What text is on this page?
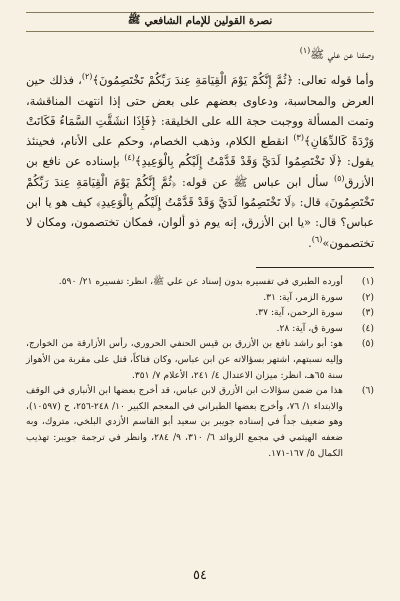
نصرة القولين للإمام الشافعي
ﷺ

وصفنا عن علي ﷺ$^{(١)}$

وأما قوله تعالى: ﴿ثُمَّ إِنَّكُمْ يَوْمَ الْقِيَامَةِ عِندَ رَبِّكُمْ تَخْتَصِمُونَ﴾$^{(٢)}$، فذلك حين العرض والمحاسبة، ودعاوى بعضهم على بعض حتى إذا انتهت المناقشة، وتمت المسألة ووجبت حجة الله على الخليقة: ﴿فَإِذَا انشَقَّتِ السَّمَاءُ فَكَانَتْ وَرْدَةً كَالدِّهَانِ﴾$^{(٣)}$ انقطع الكلام، وذهب الخصام، وحكم على الأنام، فحينئذ يقول: ﴿لَا تَخْتَصِمُوا لَدَيَّ وَقَدْ قَدَّمْتُ إِلَيْكُم بِالْوَعِيدِ﴾$^{(٤)}$ بإسناده عن نافع بن الأزرق$^{(٥)}$ سأل ابن عباس ﷺ عن قوله: ﴿ثُمَّ إِنَّكُمْ يَوْمَ الْقِيَامَةِ عِندَ رَبِّكُمْ تَخْتَصِمُونَ﴾ قال: ﴿لَا تَخْتَصِمُوا لَدَيَّ وَقَدْ قَدَّمْتُ إِلَيْكُم بِالْوَعِيدِ﴾ كيف هو يا ابن عباس؟ قال: «يا ابن الأزرق، إنه يوم ذو ألوان، فمكان تختصمون، ومكان لا تختصمون»$^{(٦)}$.

(١)
أورده الطبري في تفسيره بدون إسناد عن علي ﷺ، انظر: تفسيره ٢١/ ٥٩٠.
(٢)
سورة الزمر، آية: ٣١.
(٣)
سورة الرحمن، آية: ٣٧.
(٤)
سورة ق، آية: ٢٨.
(٥)
هو: أبو راشد نافع بن الأزرق بن قيس الحنفي الحروري، رأس الأزارقة من الخوارج، وإليه نسبتهم، اشتهر بسؤالاته عن ابن عباس، وكان فتاكاً، قتل على مقربة من الأهواز سنة ٦٥هـ، انظر: ميزان الاعتدال ٤/ ٢٤١، الأعلام ٧/ ٣٥١.
(٦)
هذا من ضمن سؤالات ابن الأزرق لابن عباس، قد أخرج بعضها ابن الأنباري في الوقف والابتداء ١/ ٧٦، وأخرج بعضها الطبراني في المعجم الكبير ١٠/ ٢٤٨-٢٥٦، ح (١٠٥٩٧)، وهو ضعيف جداً في إسناده جويبر بن سعيد أبو القاسم الأزدي البلخي، متروك، وبه ضعفه الهيثمي في مجمع الزوائد ٦/ ٣١٠، ٩/ ٢٨٤، وانظر في ترجمة جويبر: تهذيب الكمال ٥/ ١٦٧-١٧١.
٥٤
